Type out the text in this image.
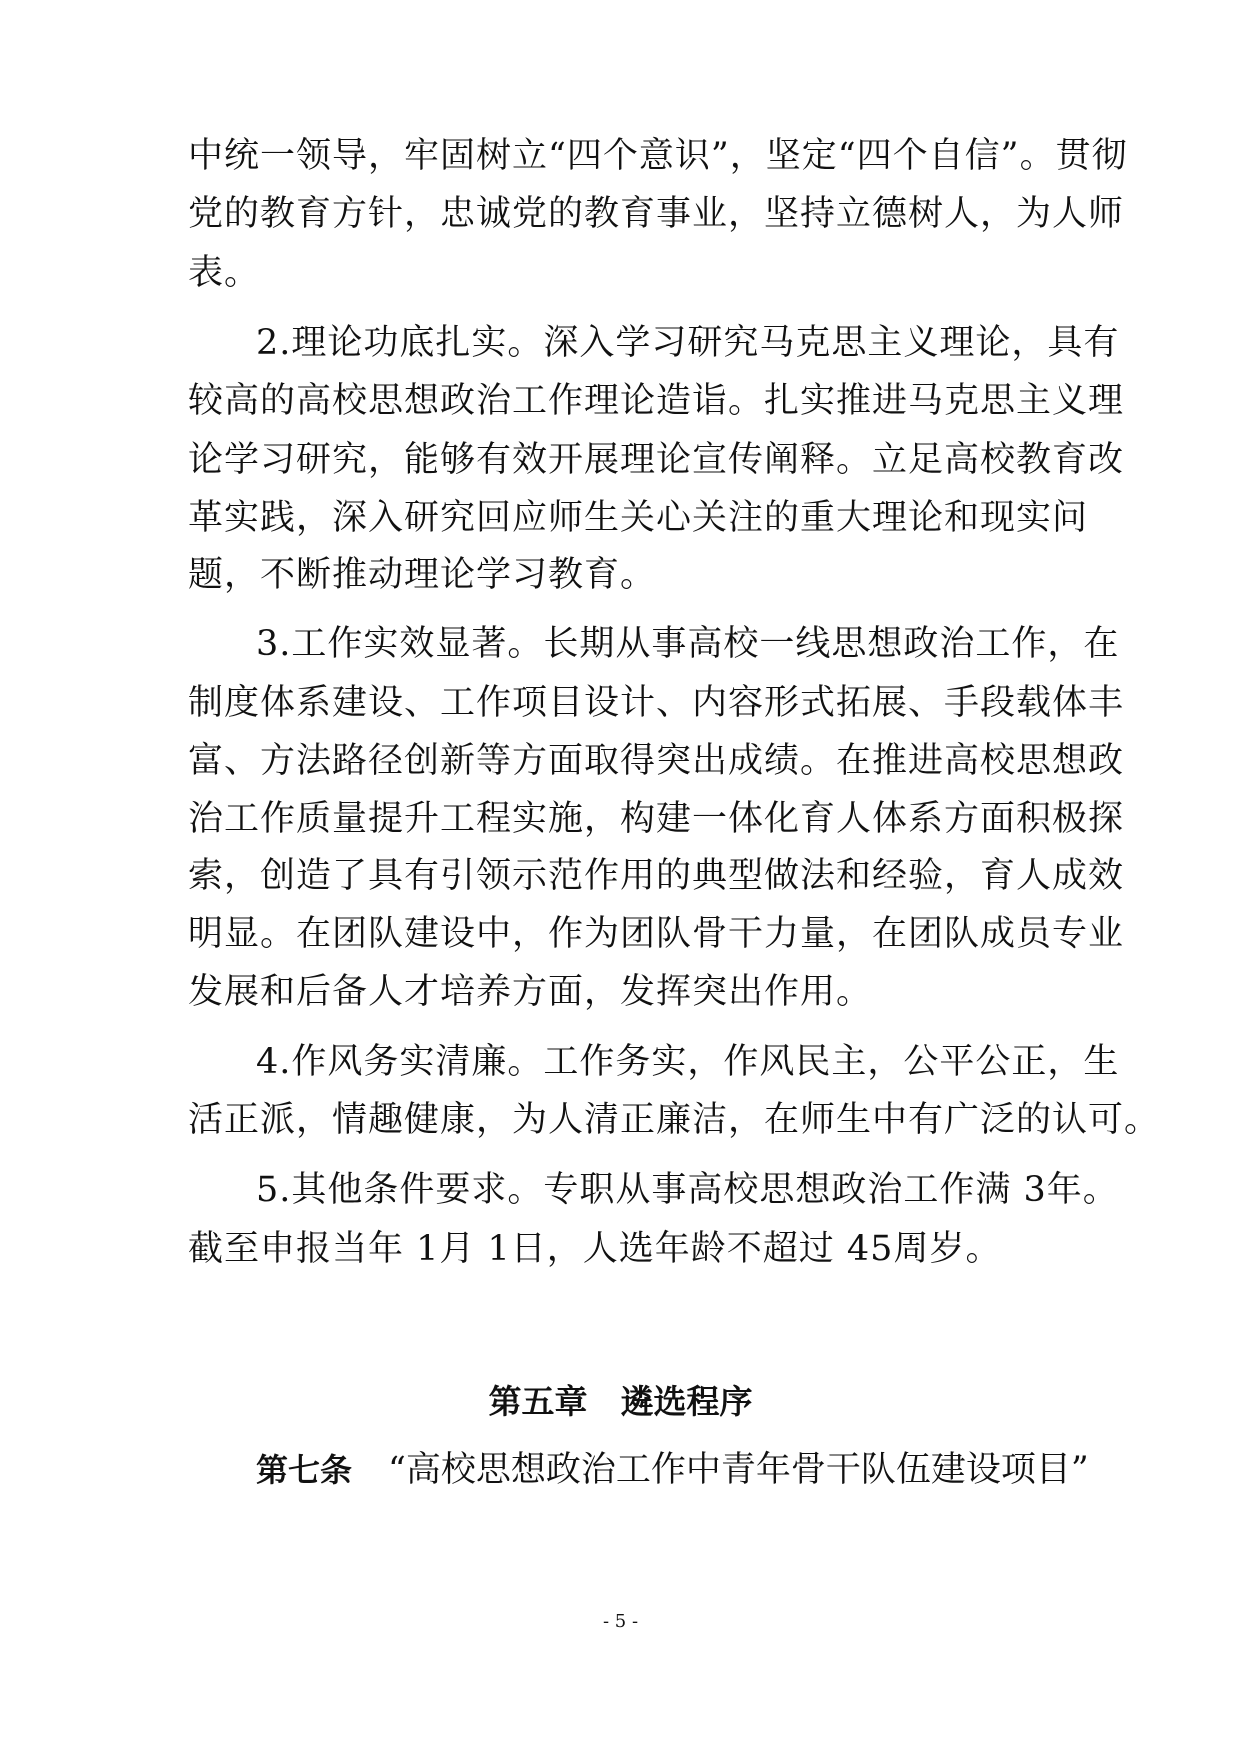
中统一领导，牢固树立“四个意识”，坚定“四个自信”。贯彻
党的教育方针，忠诚党的教育事业，坚持立德树人，为人师
表。
2.理论功底扎实。深入学习研究马克思主义理论，具有
较高的高校思想政治工作理论造诣。扎实推进马克思主义理
论学习研究，能够有效开展理论宣传阐释。立足高校教育改
革实践，深入研究回应师生关心关注的重大理论和现实问
题，不断推动理论学习教育。
3.工作实效显著。长期从事高校一线思想政治工作，在
制度体系建设、工作项目设计、内容形式拓展、手段载体丰
富、方法路径创新等方面取得突出成绩。在推进高校思想政
治工作质量提升工程实施，构建一体化育人体系方面积极探
索，创造了具有引领示范作用的典型做法和经验，育人成效
明显。在团队建设中，作为团队骨干力量，在团队成员专业
发展和后备人才培养方面，发挥突出作用。
4.作风务实清廉。工作务实，作风民主，公平公正，生
活正派，情趣健康，为人清正廉洁，在师生中有广泛的认可。
5.其他条件要求。专职从事高校思想政治工作满 3年。
截至申报当年 1月 1日，人选年龄不超过 45周岁。
第五章　遴选程序
第七条 “高校思想政治工作中青年骨干队伍建设项目”
- 5 -
